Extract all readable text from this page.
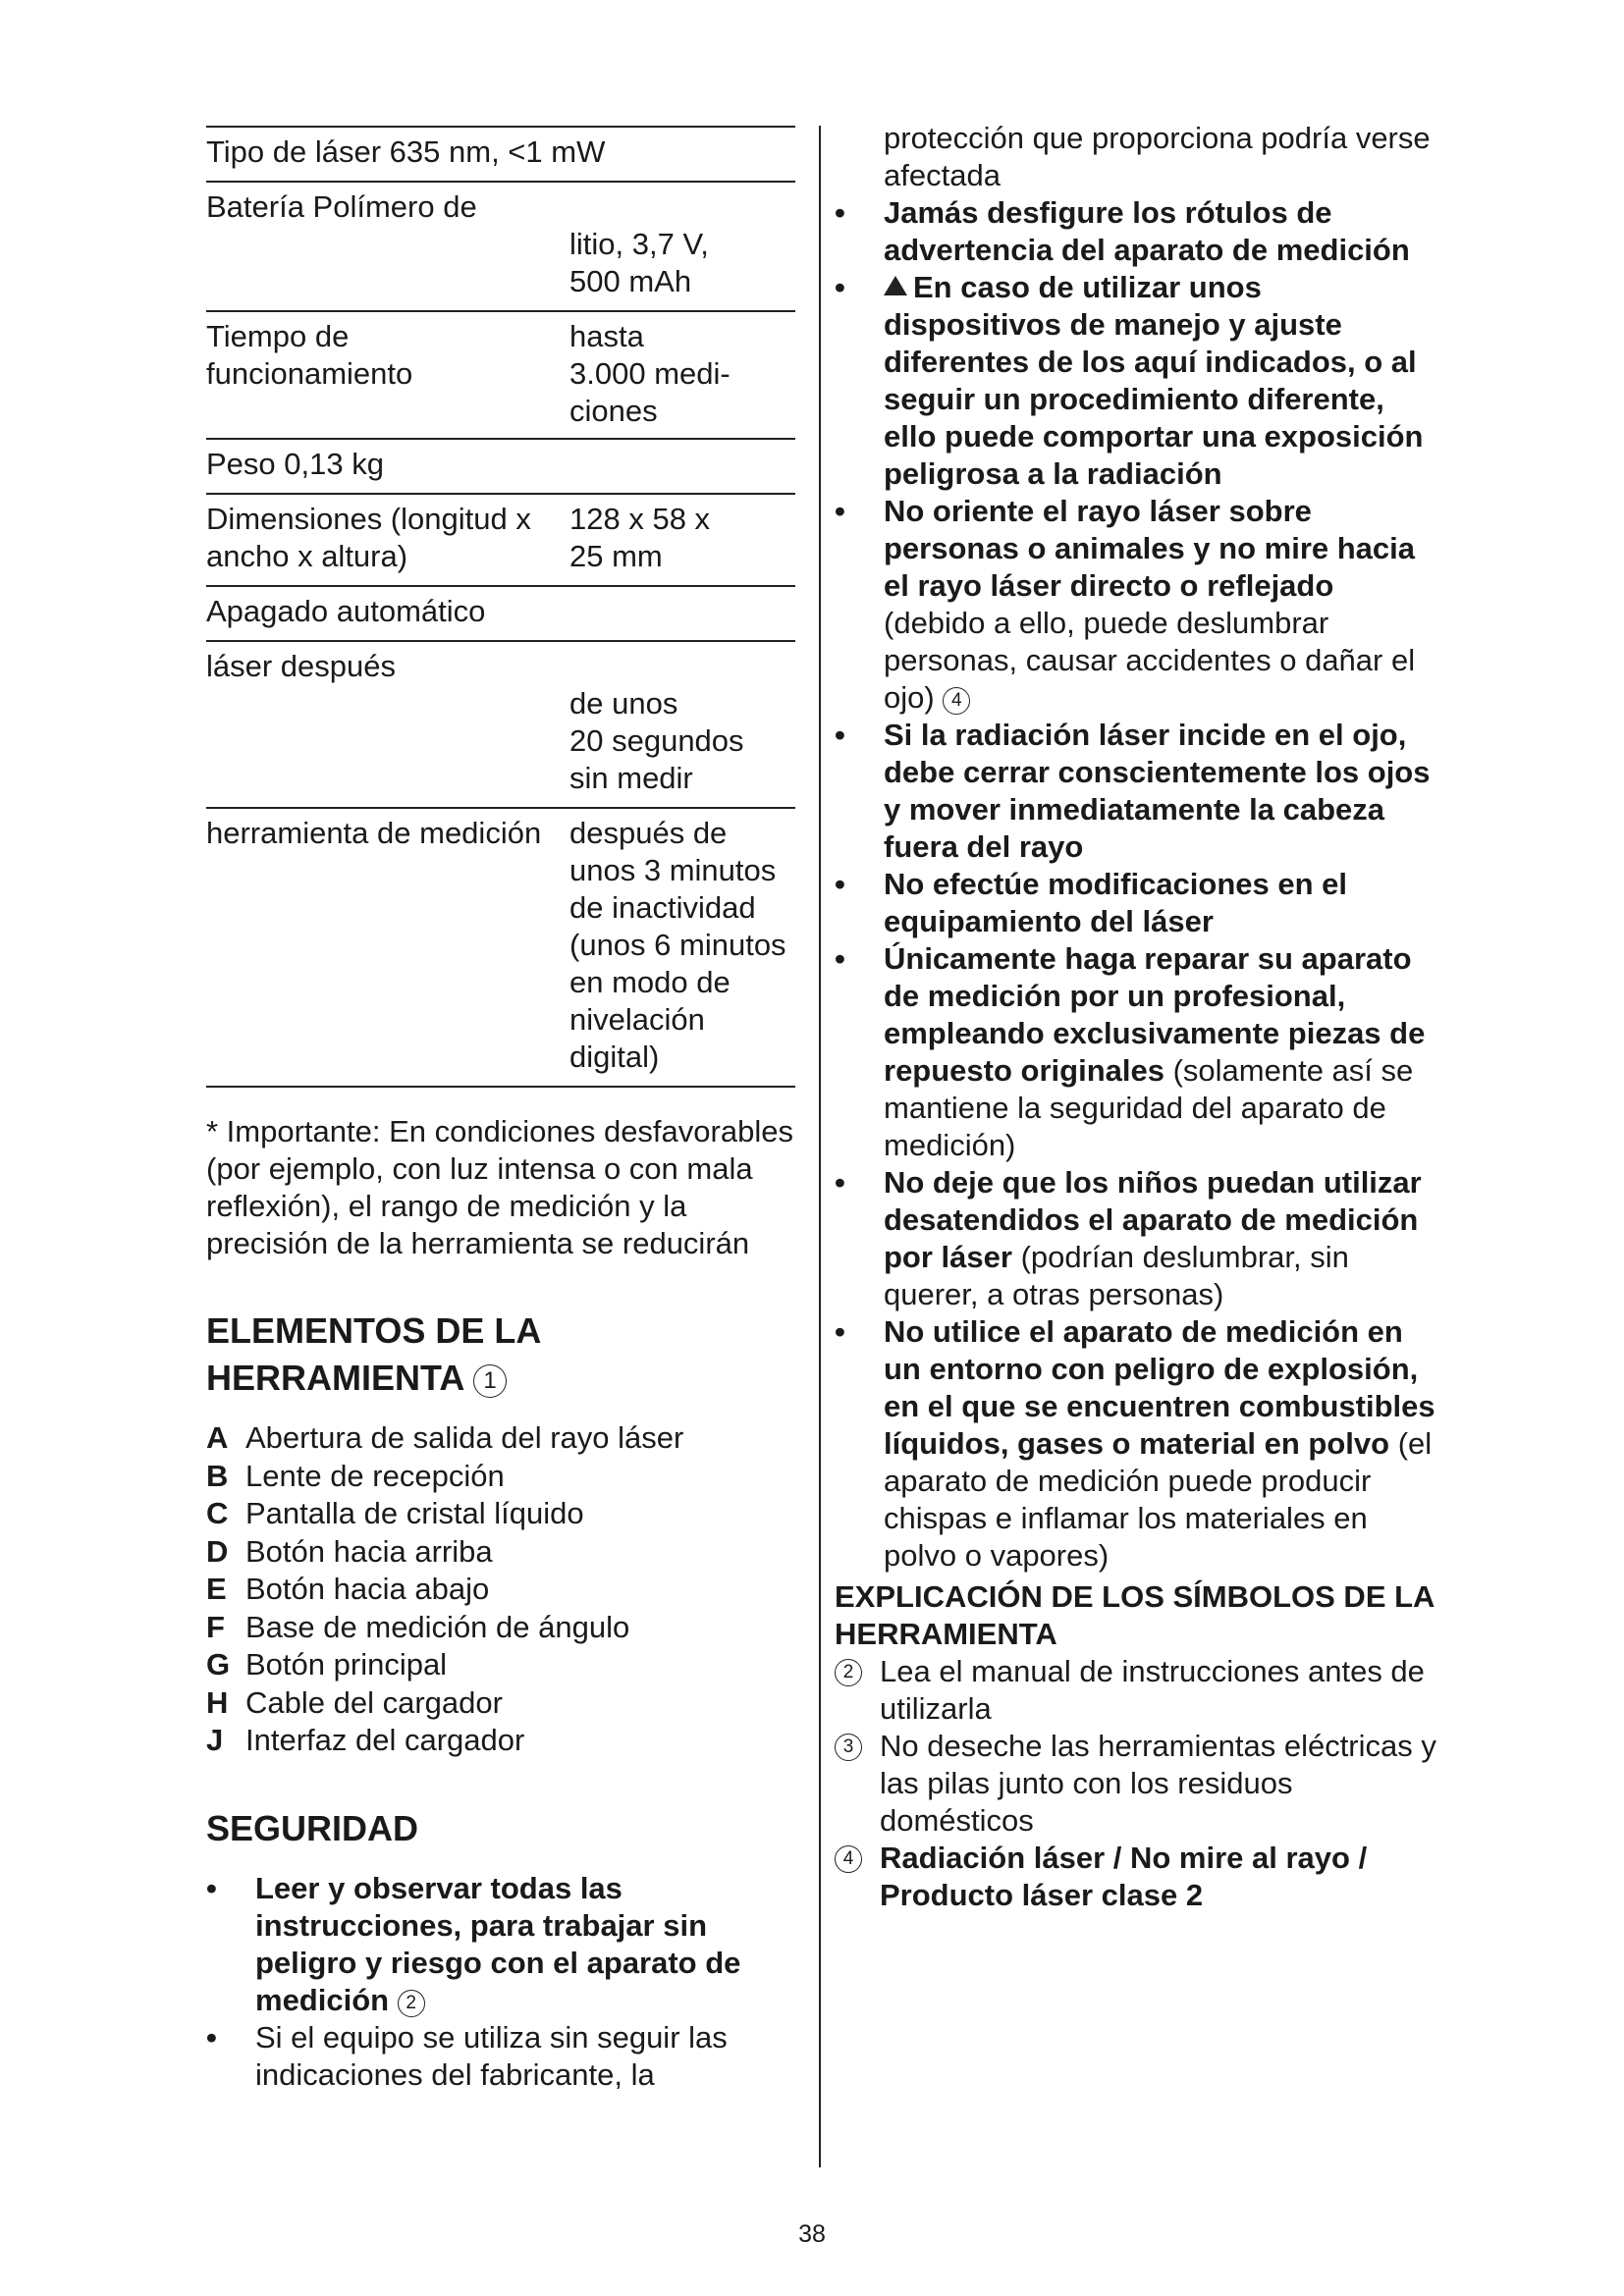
Tipo de láser 635 nm, <1 mW
Batería Polímero de
litio, 3,7 V,
500 mAh
Tiempo de
funcionamiento
hasta
3.000 medi-
ciones
Peso 0,13 kg
Dimensiones (longitud x
ancho x altura)
128 x 58 x
25 mm
Apagado automático
láser después
de unos
20 segundos
sin medir
herramienta de medición después de
unos 3 minutos
de inactividad
(unos 6 minutos
en modo de
nivelación
digital)
* Importante: En condiciones desfavorables (por ejemplo, con luz intensa o con mala reflexión), el rango de medición y la precisión de la herramienta se reducirán
ELEMENTOS DE LA
HERRAMIENTA 1
A Abertura de salida del rayo láser
B Lente de recepción
C Pantalla de cristal líquido
D Botón hacia arriba
E Botón hacia abajo
F Base de medición de ángulo
G Botón principal
H Cable del cargador
J Interfaz del cargador
SEGURIDAD
• Leer y observar todas las instrucciones, para trabajar sin peligro y riesgo con el aparato de medición 2
• Si el equipo se utiliza sin seguir las indicaciones del fabricante, la
protección que proporciona podría verse afectada
• Jamás desfigure los rótulos de advertencia del aparato de medición
• En caso de utilizar unos dispositivos de manejo y ajuste diferentes de los aquí indicados, o al seguir un procedimiento diferente, ello puede comportar una exposición peligrosa a la radiación
• No oriente el rayo láser sobre personas o animales y no mire hacia el rayo láser directo o reflejado (debido a ello, puede deslumbrar personas, causar accidentes o dañar el ojo) 4
• Si la radiación láser incide en el ojo, debe cerrar conscientemente los ojos y mover inmediatamente la cabeza fuera del rayo
• No efectúe modificaciones en el equipamiento del láser
• Únicamente haga reparar su aparato de medición por un profesional, empleando exclusivamente piezas de repuesto originales (solamente así se mantiene la seguridad del aparato de medición)
• No deje que los niños puedan utilizar desatendidos el aparato de medición por láser (podrían deslumbrar, sin querer, a otras personas)
• No utilice el aparato de medición en un entorno con peligro de explosión, en el que se encuentren combustibles líquidos, gases o material en polvo (el aparato de medición puede producir chispas e inflamar los materiales en polvo o vapores)
EXPLICACIÓN DE LOS SÍMBOLOS DE LA HERRAMIENTA
2 Lea el manual de instrucciones antes de utilizarla
3 No deseche las herramientas eléctricas y las pilas junto con los residuos domésticos
4 Radiación láser / No mire al rayo / Producto láser clase 2
38
